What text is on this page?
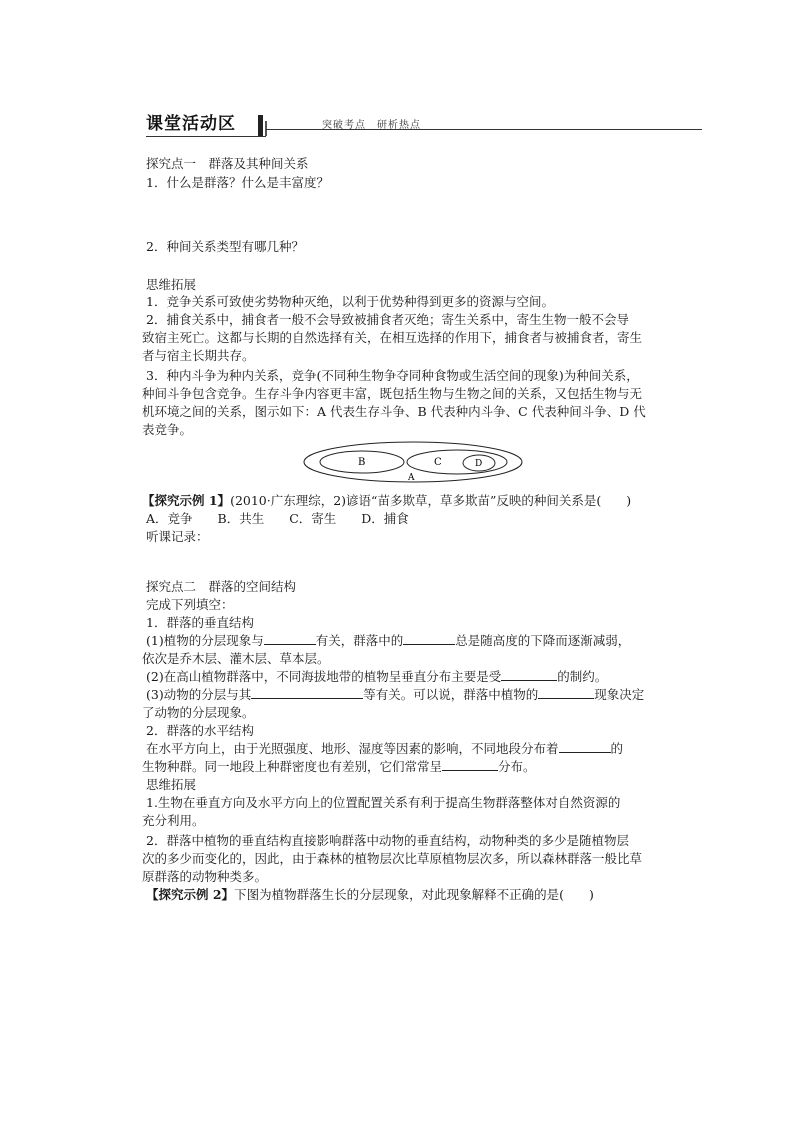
课堂活动区	突破考点　研析热点
探究点一　群落及其种间关系
1．什么是群落？什么是丰富度？
2．种间关系类型有哪几种？
思维拓展
1．竞争关系可致使劣势物种灭绝，以利于优势种得到更多的资源与空间。
2．捕食关系中，捕食者一般不会导致被捕食者灭绝；寄生关系中，寄生生物一般不会导
致宿主死亡。这都与长期的自然选择有关，在相互选择的作用下，捕食者与被捕食者，寄生
者与宿主长期共存。
3．种内斗争为种内关系，竞争(不同种生物争夺同种食物或生活空间的现象)为种间关系，
种间斗争包含竞争。生存斗争内容更丰富，既包括生物与生物之间的关系，又包括生物与无
机环境之间的关系，图示如下：A 代表生存斗争、B 代表种内斗争、C 代表种间斗争、D 代
表竞争。
B	C	D
A
【探究示例 1】(2010·广东理综，2)谚语“苗多欺草，草多欺苗”反映的种间关系是(　　)
A．竞争　　B．共生　　C．寄生　　D．捕食
听课记录：
探究点二　群落的空间结构
完成下列填空：
1．群落的垂直结构
(1)植物的分层现象与	有关，群落中的	总是随高度的下降而逐渐减弱，
依次是乔木层、灌木层、草本层。
(2)在高山植物群落中，不同海拔地带的植物呈垂直分布主要是受	的制约。
(3)动物的分层与其	等有关。可以说，群落中植物的	现象决定
了动物的分层现象。
2．群落的水平结构
在水平方向上，由于光照强度、地形、湿度等因素的影响，不同地段分布着	的
生物种群。同一地段上种群密度也有差别，它们常常呈	分布。
思维拓展
1.生物在垂直方向及水平方向上的位置配置关系有利于提高生物群落整体对自然资源的
充分利用。
2．群落中植物的垂直结构直接影响群落中动物的垂直结构，动物种类的多少是随植物层
次的多少而变化的，因此，由于森林的植物层次比草原植物层次多，所以森林群落一般比草
原群落的动物种类多。
【探究示例 2】下图为植物群落生长的分层现象，对此现象解释不正确的是(　　)
